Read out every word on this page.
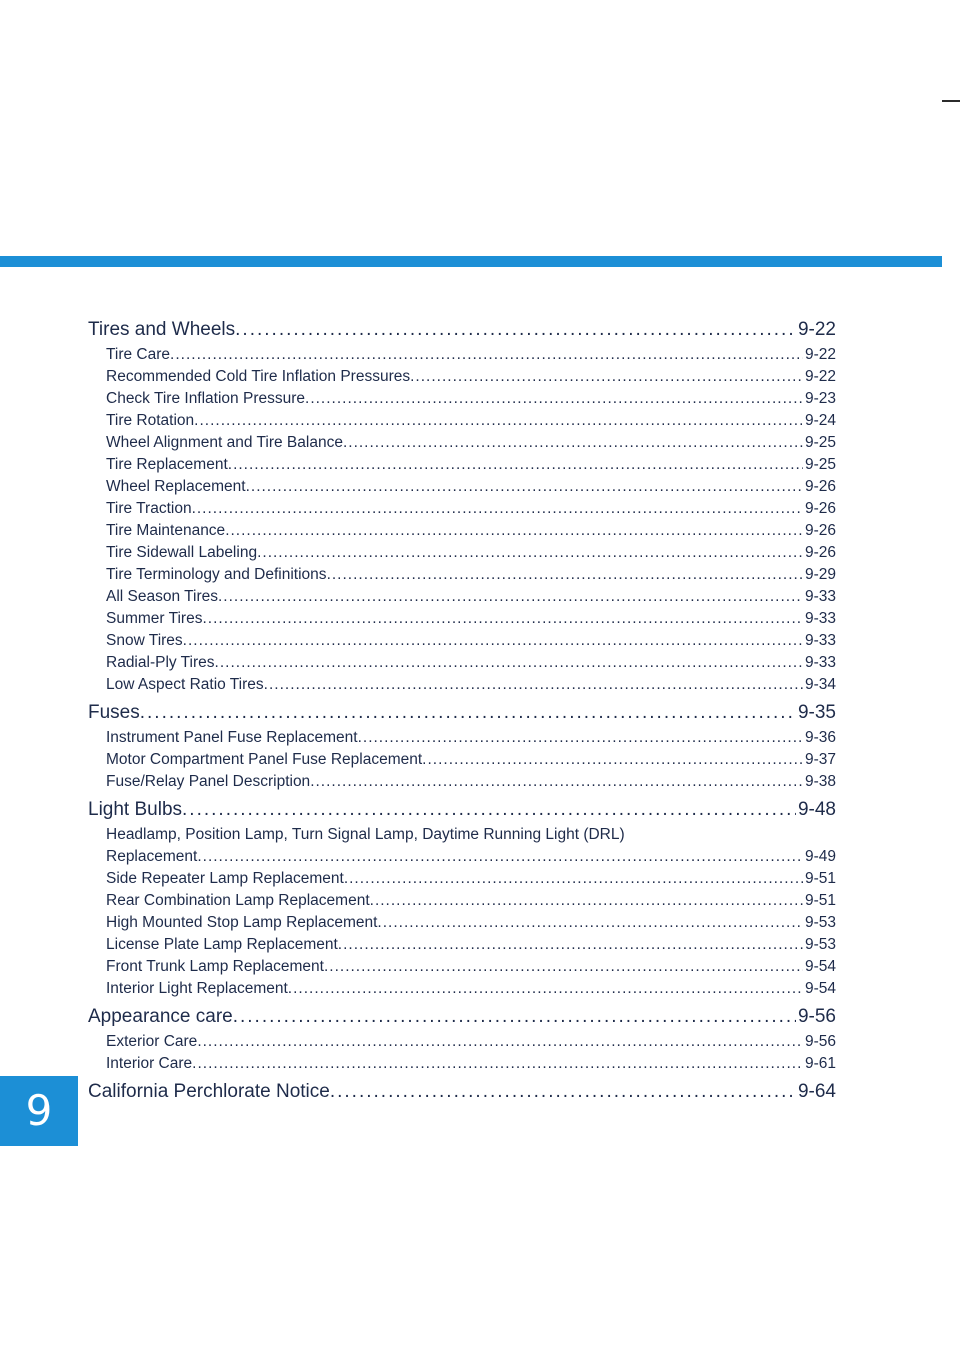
Tires and Wheels .....	9-22
Tire Care .....	9-22
Recommended Cold Tire Inflation Pressures .....	9-22
Check Tire Inflation Pressure .....	9-23
Tire Rotation .....	9-24
Wheel Alignment and Tire Balance .....	9-25
Tire Replacement .....	9-25
Wheel Replacement .....	9-26
Tire Traction .....	9-26
Tire Maintenance .....	9-26
Tire Sidewall Labeling .....	9-26
Tire Terminology and Definitions .....	9-29
All Season Tires .....	9-33
Summer Tires .....	9-33
Snow Tires .....	9-33
Radial-Ply Tires .....	9-33
Low Aspect Ratio Tires .....	9-34
Fuses .....	9-35
Instrument Panel Fuse Replacement .....	9-36
Motor Compartment Panel Fuse Replacement .....	9-37
Fuse/Relay Panel Description .....	9-38
Light Bulbs .....	9-48
Headlamp, Position Lamp, Turn Signal Lamp, Daytime Running Light (DRL)
Replacement .....	9-49
Side Repeater Lamp Replacement .....	9-51
Rear Combination Lamp Replacement .....	9-51
High Mounted Stop Lamp Replacement .....	9-53
License Plate Lamp Replacement .....	9-53
Front Trunk Lamp Replacement .....	9-54
Interior Light Replacement .....	9-54
Appearance care .....	9-56
Exterior Care .....	9-56
Interior Care .....	9-61
California Perchlorate Notice .....	9-64
9
